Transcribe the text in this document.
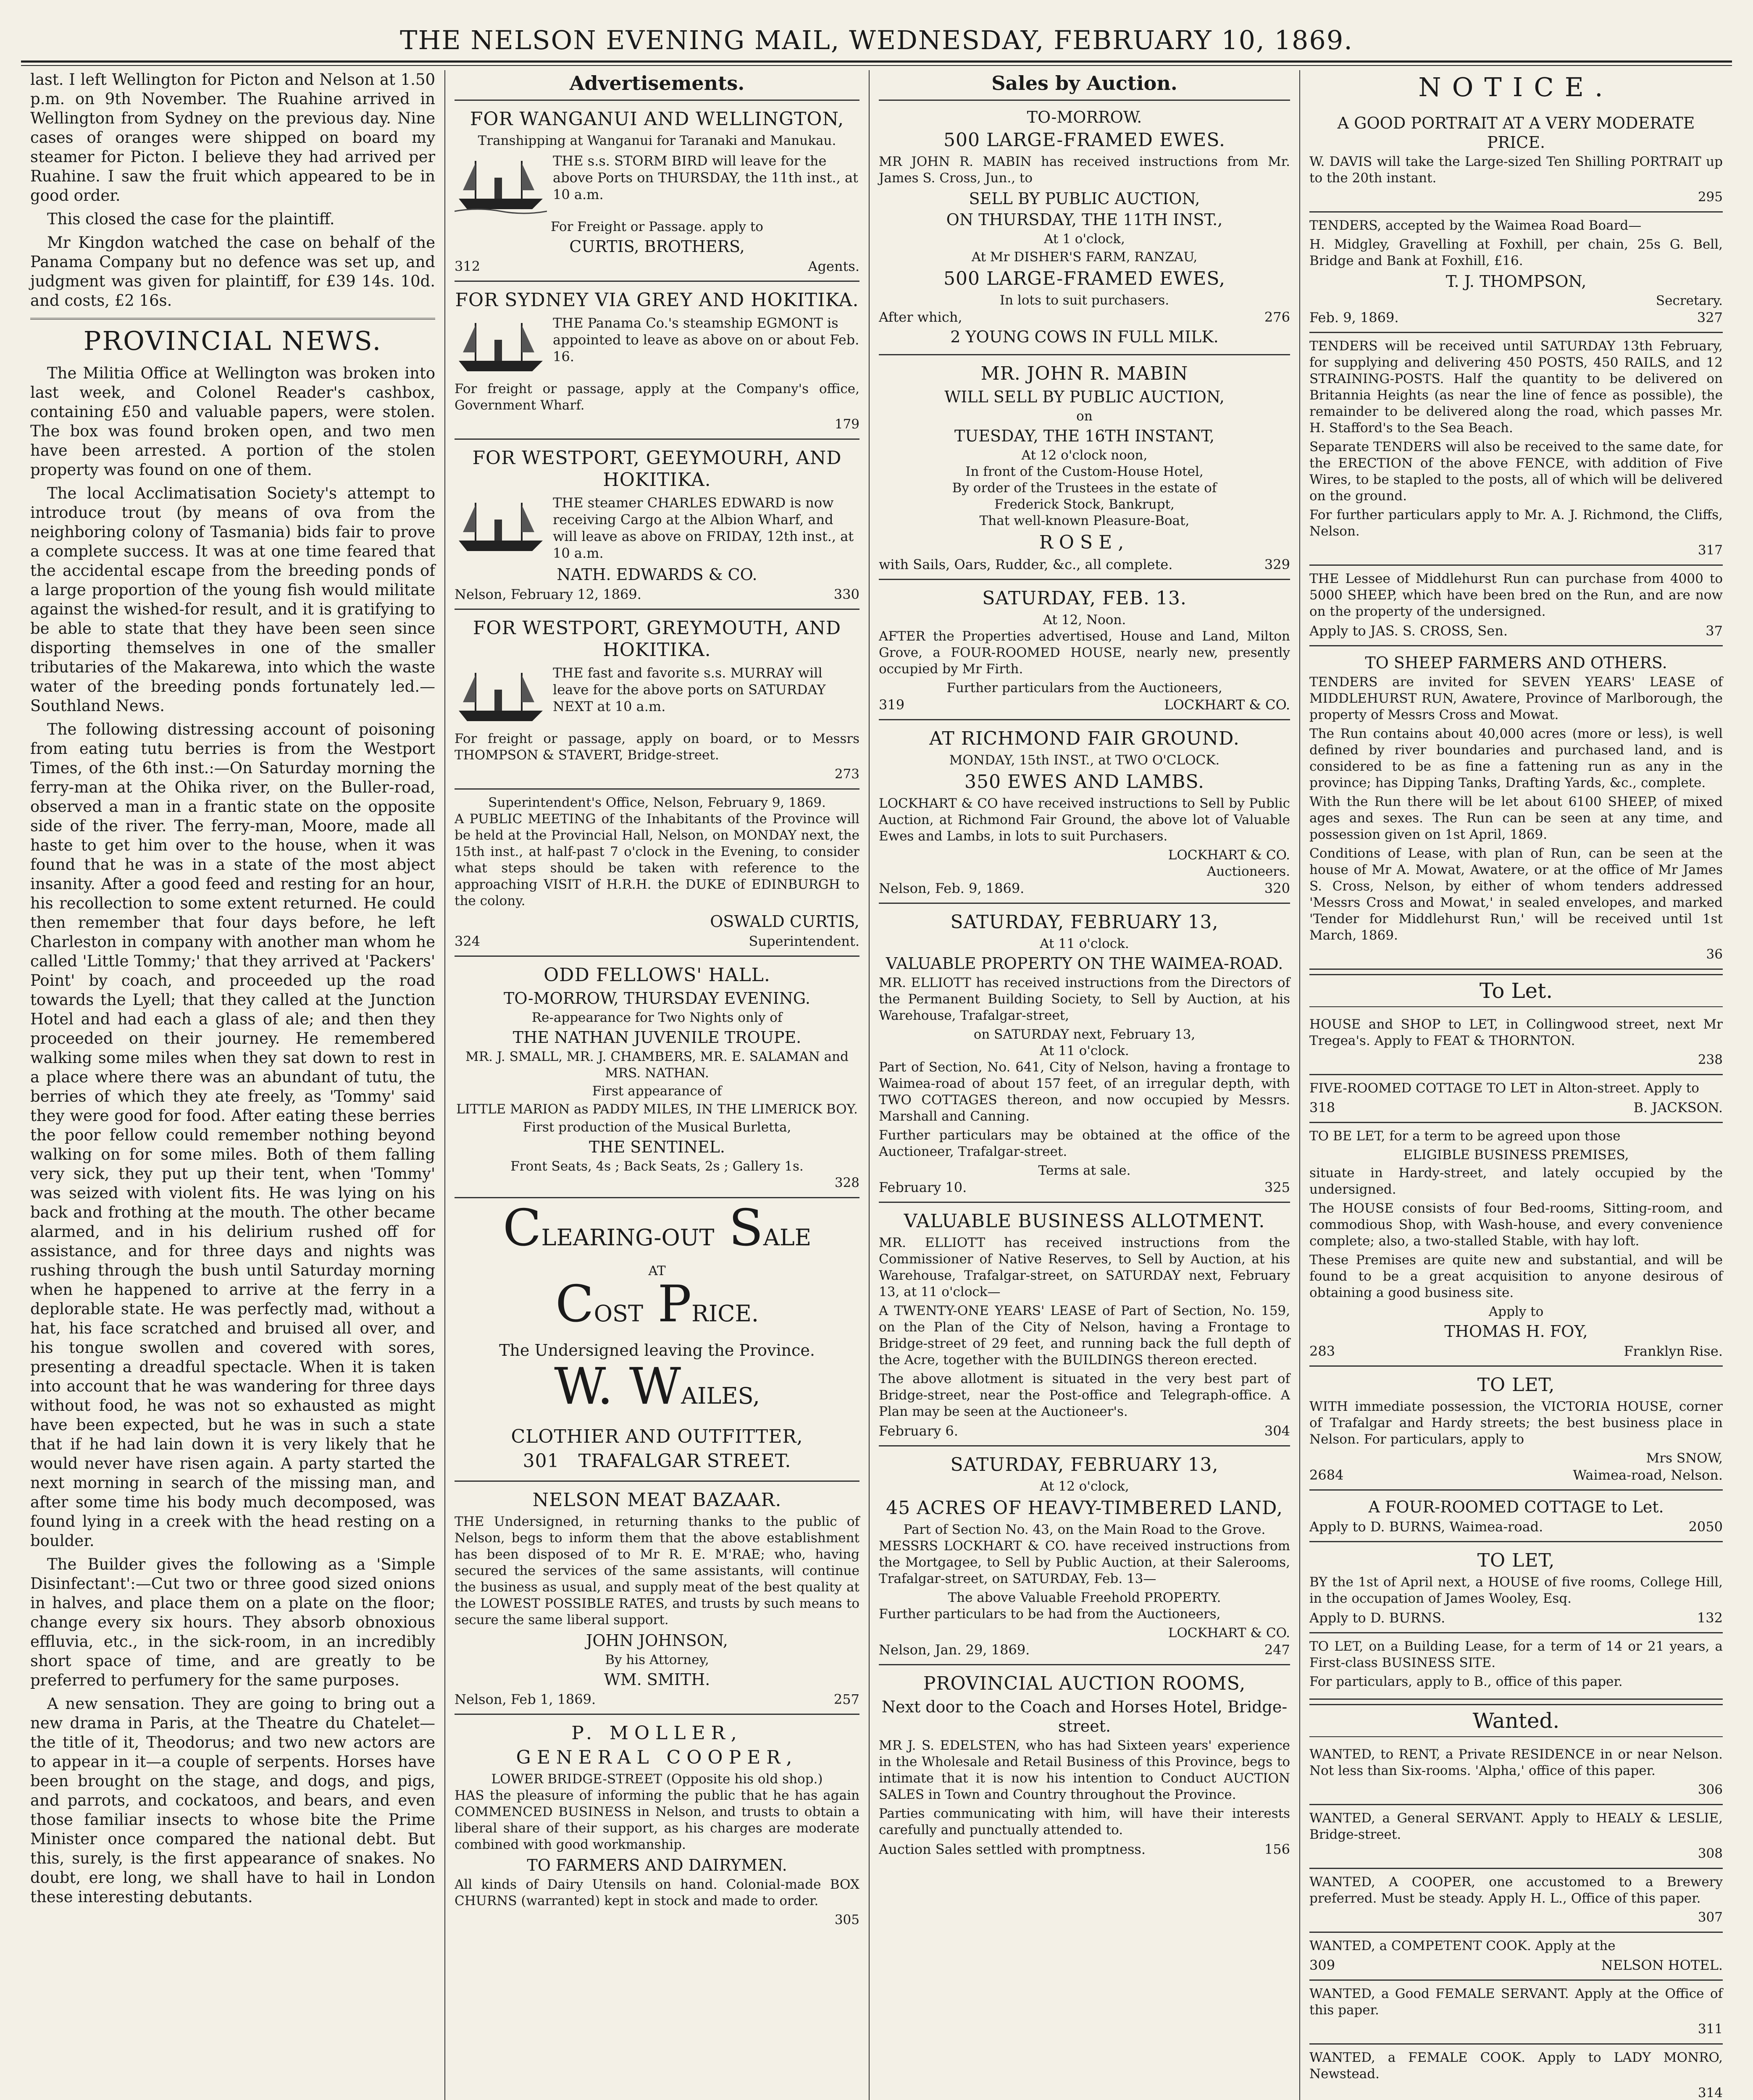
THE NELSON EVENING MAIL, WEDNESDAY, FEBRUARY 10, 1869.

last. I left Wellington for Picton and Nelson at 1.50 p.m. on 9th November. The Ruahine arrived in Wellington from Sydney on the previous day. Nine cases of oranges were shipped on board my steamer for Picton. I believe they had arrived per Ruahine. I saw the fruit which appeared to be in good order.

This closed the case for the plaintiff.

Mr Kingdon watched the case on behalf of the Panama Company but no defence was set up, and judgment was given for plaintiff, for £39 14s. 10d. and costs, £2 16s.

PROVINCIAL NEWS.

The Militia Office at Wellington was broken into last week, and Colonel Reader's cashbox, containing £50 and valuable papers, were stolen. The box was found broken open, and two men have been arrested. A portion of the stolen property was found on one of them.

The local Acclimatisation Society's attempt to introduce trout (by means of ova from the neighboring colony of Tasmania) bids fair to prove a complete success. It was at one time feared that the accidental escape from the breeding ponds of a large proportion of the young fish would militate against the wished-for result, and it is gratifying to be able to state that they have been seen since disporting themselves in one of the smaller tributaries of the Makarewa, into which the waste water of the breeding ponds fortunately led.—Southland News.

The following distressing account of poisoning from eating tutu berries is from the Westport Times, of the 6th inst.:—On Saturday morning the ferry-man at the Ohika river, on the Buller-road, observed a man in a frantic state on the opposite side of the river. The ferry-man, Moore, made all haste to get him over to the house, when it was found that he was in a state of the most abject insanity. After a good feed and resting for an hour, his recollection to some extent returned. He could then remember that four days before, he left Charleston in company with another man whom he called 'Little Tommy;' that they arrived at 'Packers' Point' by coach, and proceeded up the road towards the Lyell; that they called at the Junction Hotel and had each a glass of ale; and then they proceeded on their journey. He remembered walking some miles when they sat down to rest in a place where there was an abundant of tutu, the berries of which they ate freely, as 'Tommy' said they were good for food. After eating these berries the poor fellow could remember nothing beyond walking on for some miles. Both of them falling very sick, they put up their tent, when 'Tommy' was seized with violent fits. He was lying on his back and frothing at the mouth. The other became alarmed, and in his delirium rushed off for assistance, and for three days and nights was rushing through the bush until Saturday morning when he happened to arrive at the ferry in a deplorable state. He was perfectly mad, without a hat, his face scratched and bruised all over, and his tongue swollen and covered with sores, presenting a dreadful spectacle. When it is taken into account that he was wandering for three days without food, he was not so exhausted as might have been expected, but he was in such a state that if he had lain down it is very likely that he would never have risen again. A party started the next morning in search of the missing man, and after some time his body much decomposed, was found lying in a creek with the head resting on a boulder.

The Builder gives the following as a 'Simple Disinfectant':—Cut two or three good sized onions in halves, and place them on a plate on the floor; change every six hours. They absorb obnoxious effluvia, etc., in the sick-room, in an incredibly short space of time, and are greatly to be preferred to perfumery for the same purposes.

A new sensation. They are going to bring out a new drama in Paris, at the Theatre du Chatelet—the title of it, Theodorus; and two new actors are to appear in it—a couple of serpents. Horses have been brought on the stage, and dogs, and pigs, and parrots, and cockatoos, and bears, and even those familiar insects to whose bite the Prime Minister once compared the national debt. But this, surely, is the first appearance of snakes. No doubt, ere long, we shall have to hail in London these interesting debutants.

Advertisements.
FOR WANGANUI AND WELLINGTON,
Transhipping at Wanganui for Taranaki and Manukau.
THE s.s. STORM BIRD will leave for the above Ports on THURSDAY, the 11th inst., at 10 a.m.
For Freight or Passage. apply to
CURTIS, BROTHERS,
312	Agents.
FOR SYDNEY VIA GREY AND HOKITIKA.
THE Panama Co.'s steamship EGMONT is appointed to leave as above on or about Feb. 16.
For freight or passage, apply at the Company's office, Government Wharf.
179
FOR WESTPORT, GEEYMOURH, AND HOKITIKA.
THE steamer CHARLES EDWARD is now receiving Cargo at the Albion Wharf, and will leave as above on FRIDAY, 12th inst., at 10 a.m.
NATH. EDWARDS & CO.
Nelson, February 12, 1869.	330
FOR WESTPORT, GREYMOUTH, AND HOKITIKA.
THE fast and favorite s.s. MURRAY will leave for the above ports on SATURDAY NEXT at 10 a.m.
For freight or passage, apply on board, or to Messrs THOMPSON & STAVERT, Bridge-street.
273
Superintendent's Office, Nelson, February 9, 1869.
A PUBLIC MEETING of the Inhabitants of the Province will be held at the Provincial Hall, Nelson, on MONDAY next, the 15th inst., at half-past 7 o'clock in the Evening, to consider what steps should be taken with reference to the approaching VISIT of H.R.H. the DUKE of EDINBURGH to the colony.
OSWALD CURTIS,
324	Superintendent.
ODD FELLOWS' HALL.
TO-MORROW, THURSDAY EVENING.
Re-appearance for Two Nights only of
THE NATHAN JUVENILE TROUPE.
MR. J. SMALL, MR. J. CHAMBERS, MR. E. SALAMAN and MRS. NATHAN.
First appearance of
LITTLE MARION as PADDY MILES, IN THE LIMERICK BOY.
First production of the Musical Burletta,
THE SENTINEL.
Front Seats, 4s ; Back Seats, 2s ; Gallery 1s.
328
CLEARING-OUT SALE
AT
COST PRICE.
The Undersigned leaving the Province.
W. WAILES,
CLOTHIER AND OUTFITTER,
301 TRAFALGAR STREET.
NELSON MEAT BAZAAR.
THE Undersigned, in returning thanks to the public of Nelson, begs to inform them that the above establishment has been disposed of to Mr R. E. M'RAE; who, having secured the services of the same assistants, will continue the business as usual, and supply meat of the best quality at the LOWEST POSSIBLE RATES, and trusts by such means to secure the same liberal support.
JOHN JOHNSON,
By his Attorney,
WM. SMITH.
Nelson, Feb 1, 1869.	257
P. MOLLER,
GENERAL COOPER,
LOWER BRIDGE-STREET (Opposite his old shop.)
HAS the pleasure of informing the public that he has again COMMENCED BUSINESS in Nelson, and trusts to obtain a liberal share of their support, as his charges are moderate combined with good workmanship.
TO FARMERS AND DAIRYMEN.
All kinds of Dairy Utensils on hand. Colonial-made BOX CHURNS (warranted) kept in stock and made to order.
305
Sales by Auction.
TO-MORROW.
500 LARGE-FRAMED EWES.
MR JOHN R. MABIN has received instructions from Mr. James S. Cross, Jun., to
SELL BY PUBLIC AUCTION,
ON THURSDAY, THE 11TH INST.,
At 1 o'clock,
At Mr DISHER'S FARM, RANZAU,
500 LARGE-FRAMED EWES,
In lots to suit purchasers.
After which,	276
2 YOUNG COWS IN FULL MILK.
MR. JOHN R. MABIN
WILL SELL BY PUBLIC AUCTION,
on
TUESDAY, THE 16TH INSTANT,
At 12 o'clock noon,
In front of the Custom-House Hotel,
By order of the Trustees in the estate of
Frederick Stock, Bankrupt,
That well-known Pleasure-Boat,
ROSE,
with Sails, Oars, Rudder, &c., all complete.	329
SATURDAY, FEB. 13.
At 12, Noon.
AFTER the Properties advertised, House and Land, Milton Grove, a FOUR-ROOMED HOUSE, nearly new, presently occupied by Mr Firth.
Further particulars from the Auctioneers,
319	LOCKHART & CO.
AT RICHMOND FAIR GROUND.
MONDAY, 15th INST., at TWO O'CLOCK.
350 EWES AND LAMBS.
LOCKHART & CO have received instructions to Sell by Public Auction, at Richmond Fair Ground, the above lot of Valuable Ewes and Lambs, in lots to suit Purchasers.
LOCKHART & CO.
Auctioneers.
Nelson, Feb. 9, 1869.	320
SATURDAY, FEBRUARY 13,
At 11 o'clock.
VALUABLE PROPERTY ON THE WAIMEA-ROAD.
MR. ELLIOTT has received instructions from the Directors of the Permanent Building Society, to Sell by Auction, at his Warehouse, Trafalgar-street,
on SATURDAY next, February 13,
At 11 o'clock.
Part of Section, No. 641, City of Nelson, having a frontage to Waimea-road of about 157 feet, of an irregular depth, with TWO COTTAGES thereon, and now occupied by Messrs. Marshall and Canning.
Further particulars may be obtained at the office of the Auctioneer, Trafalgar-street.
Terms at sale.
February 10.	325
VALUABLE BUSINESS ALLOTMENT.
MR. ELLIOTT has received instructions from the Commissioner of Native Reserves, to Sell by Auction, at his Warehouse, Trafalgar-street, on SATURDAY next, February 13, at 11 o'clock—
A TWENTY-ONE YEARS' LEASE of Part of Section, No. 159, on the Plan of the City of Nelson, having a Frontage to Bridge-street of 29 feet, and running back the full depth of the Acre, together with the BUILDINGS thereon erected.
The above allotment is situated in the very best part of Bridge-street, near the Post-office and Telegraph-office. A Plan may be seen at the Auctioneer's.
February 6.	304
SATURDAY, FEBRUARY 13,
At 12 o'clock,
45 ACRES OF HEAVY-TIMBERED LAND,
Part of Section No. 43, on the Main Road to the Grove.
MESSRS LOCKHART & CO. have received instructions from the Mortgagee, to Sell by Public Auction, at their Salerooms, Trafalgar-street, on SATURDAY, Feb. 13—
The above Valuable Freehold PROPERTY.
Further particulars to be had from the Auctioneers,
LOCKHART & CO.
Nelson, Jan. 29, 1869.	247
PROVINCIAL AUCTION ROOMS,
Next door to the Coach and Horses Hotel, Bridge-street.
MR J. S. EDELSTEN, who has had Sixteen years' experience in the Wholesale and Retail Business of this Province, begs to intimate that it is now his intention to Conduct AUCTION SALES in Town and Country throughout the Province.
Parties communicating with him, will have their interests carefully and punctually attended to.
Auction Sales settled with promptness.	156
NOTICE.
A GOOD PORTRAIT AT A VERY MODERATE PRICE.
W. DAVIS will take the Large-sized Ten Shilling PORTRAIT up to the 20th instant.
295
TENDERS, accepted by the Waimea Road Board—
H. Midgley, Gravelling at Foxhill, per chain, 25s G. Bell, Bridge and Bank at Foxhill, £16.
T. J. THOMPSON,
Secretary.
Feb. 9, 1869.	327
TENDERS will be received until SATURDAY 13th February, for supplying and delivering 450 POSTS, 450 RAILS, and 12 STRAINING-POSTS. Half the quantity to be delivered on Britannia Heights (as near the line of fence as possible), the remainder to be delivered along the road, which passes Mr. H. Stafford's to the Sea Beach.
Separate TENDERS will also be received to the same date, for the ERECTION of the above FENCE, with addition of Five Wires, to be stapled to the posts, all of which will be delivered on the ground.
For further particulars apply to Mr. A. J. Richmond, the Cliffs, Nelson.
317
THE Lessee of Middlehurst Run can purchase from 4000 to 5000 SHEEP, which have been bred on the Run, and are now on the property of the undersigned.
Apply to JAS. S. CROSS, Sen.	37
TO SHEEP FARMERS AND OTHERS.
TENDERS are invited for SEVEN YEARS' LEASE of MIDDLEHURST RUN, Awatere, Province of Marlborough, the property of Messrs Cross and Mowat.
The Run contains about 40,000 acres (more or less), is well defined by river boundaries and purchased land, and is considered to be as fine a fattening run as any in the province; has Dipping Tanks, Drafting Yards, &c., complete.
With the Run there will be let about 6100 SHEEP, of mixed ages and sexes. The Run can be seen at any time, and possession given on 1st April, 1869.
Conditions of Lease, with plan of Run, can be seen at the house of Mr A. Mowat, Awatere, or at the office of Mr James S. Cross, Nelson, by either of whom tenders addressed 'Messrs Cross and Mowat,' in sealed envelopes, and marked 'Tender for Middlehurst Run,' will be received until 1st March, 1869.
36
To Let.
HOUSE and SHOP to LET, in Collingwood street, next Mr Tregea's. Apply to FEAT & THORNTON.
238
FIVE-ROOMED COTTAGE TO LET in Alton-street. Apply to
318	B. JACKSON.
TO BE LET, for a term to be agreed upon those
ELIGIBLE BUSINESS PREMISES,
situate in Hardy-street, and lately occupied by the undersigned.
The HOUSE consists of four Bed-rooms, Sitting-room, and commodious Shop, with Wash-house, and every convenience complete; also, a two-stalled Stable, with hay loft.
These Premises are quite new and substantial, and will be found to be a great acquisition to anyone desirous of obtaining a good business site.
Apply to
THOMAS H. FOY,
283	Franklyn Rise.
TO LET,
WITH immediate possession, the VICTORIA HOUSE, corner of Trafalgar and Hardy streets; the best business place in Nelson. For particulars, apply to
Mrs SNOW,
2684	Waimea-road, Nelson.
A FOUR-ROOMED COTTAGE to Let.
Apply to D. BURNS, Waimea-road.	2050
TO LET,
BY the 1st of April next, a HOUSE of five rooms, College Hill, in the occupation of James Wooley, Esq.
Apply to D. BURNS.	132
TO LET, on a Building Lease, for a term of 14 or 21 years, a First-class BUSINESS SITE.
For particulars, apply to B., office of this paper.
Wanted.
WANTED, to RENT, a Private RESIDENCE in or near Nelson. Not less than Six-rooms. 'Alpha,' office of this paper.
306
WANTED, a General SERVANT. Apply to HEALY & LESLIE, Bridge-street.
308
WANTED, A COOPER, one accustomed to a Brewery preferred. Must be steady. Apply H. L., Office of this paper.
307
WANTED, a COMPETENT COOK. Apply at the
309	NELSON HOTEL.
WANTED, a Good FEMALE SERVANT. Apply at the Office of this paper.
311
WANTED, a FEMALE COOK. Apply to LADY MONRO, Newstead.
314
